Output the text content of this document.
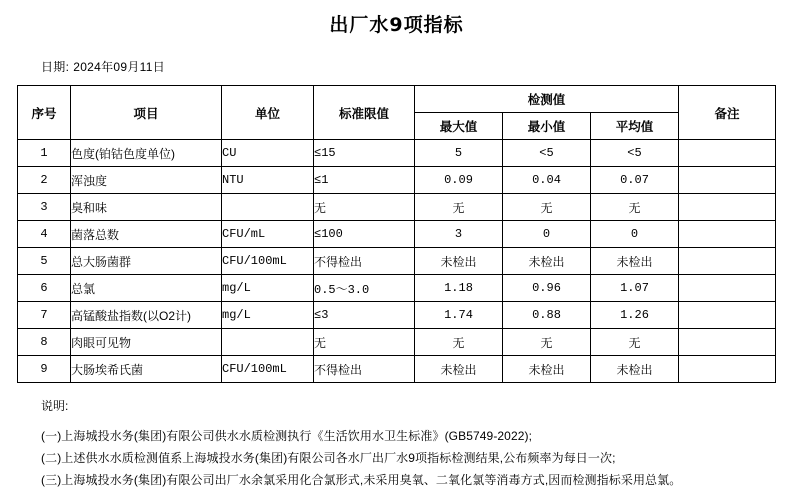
出厂水9项指标
日期: 2024年09月11日
序号	项目	单位	标准限值	检测值			备注
				最大值	最小值	平均值	
1	色度(铂钴色度单位)	CU	≤15	5	<5	<5	
2	浑浊度	NTU	≤1	0.09	0.04	0.07	
3	臭和味		无	无	无	无	
4	菌落总数	CFU/mL	≤100	3	0	0	
5	总大肠菌群	CFU/100mL	不得检出	未检出	未检出	未检出	
6	总氯	mg/L	0.5～3.0	1.18	0.96	1.07	
7	高锰酸盐指数(以O2计)	mg/L	≤3	1.74	0.88	1.26	
8	肉眼可见物		无	无	无	无	
9	大肠埃希氏菌	CFU/100mL	不得检出	未检出	未检出	未检出	
说明:
(一)上海城投水务(集团)有限公司供水水质检测执行《生活饮用水卫生标准》(GB5749-2022);
(二)上述供水水质检测值系上海城投水务(集团)有限公司各水厂出厂水9项指标检测结果,公布频率为每日一次;
(三)上海城投水务(集团)有限公司出厂水余氯采用化合氯形式,未采用臭氧、二氧化氯等消毒方式,因而检测指标采用总氯。
